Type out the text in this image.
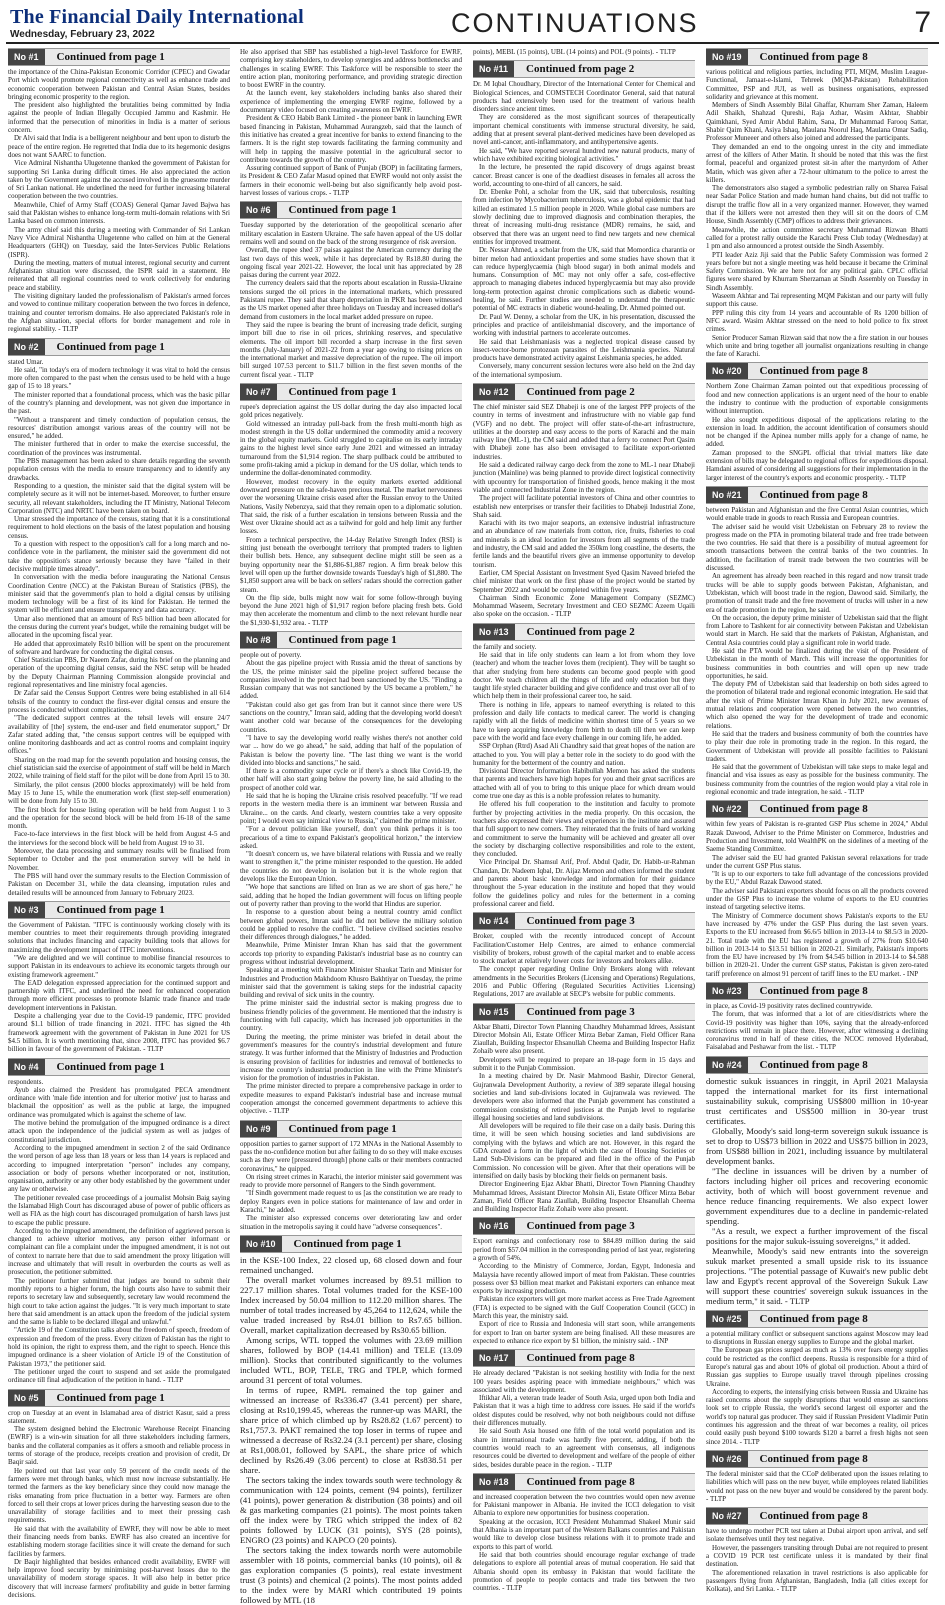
The Financial Daily International
Wednesday, February 23, 2022	CONTINUATIONS	7
No #1	Continued from page 1

the importance of the China-Pakistan Economic Corridor (CPEC) and Gwadar Port which would promote regional connectivity as well as enhance trade and economic cooperation between Pakistan and Central Asian States, besides bringing economic prosperity to the region.

The president also highlighted the brutalities being committed by India against the people of Indian Illegally Occupied Jammu and Kashmir. He informed that the persecution of minorities in India is a matter of serious concern.

Dr Alvi said that India is a belligerent neighbour and bent upon to disturb the peace of the entire region. He regretted that India due to its hegemonic designs does not want SAARC to function.

Vice Admiral Nishantha Ulugetenne thanked the government of Pakistan for supporting Sri Lanka during difficult times. He also appreciated the action taken by the Government against the accused involved in the gruesome murder of Sri Lankan national. He underlined the need for further increasing bilateral cooperation between the two countries.

Meanwhile, Chief of Army Staff (COAS) General Qamar Javed Bajwa has said that Pakistan wishes to enhance long-term multi-domain relations with Sri Lanka based on common interests.

The army chief said this during a meeting with Commander of Sri Lankan Navy Vice Admiral Nishantha Ulugetenne who called on him at the General Headquarters (GHQ) on Tuesday, said the Inter-Services Public Relations (ISPR).

During the meeting, matters of mutual interest, regional security and current Afghanistan situation were discussed, the ISPR said in a statement. He reiterated that all regional countries need to work collectively for enduring peace and stability.

The visiting dignitary lauded the professionalism of Pakistan's armed forces and vowed to continue military cooperation between the two forces in defence, training and counter terrorism domains. He also appreciated Pakistan's role in the Afghan situation, special efforts for border management and role in regional stability. - TLTP

No #2	Continued from page 1

stated Umar.

He said, "in today's era of modern technology it was vital to hold the census more often compared to the past when the census used to be held with a huge gap of 15 to 18 years."

The minister reported that a foundational process, which was the basic pillar of the country's planning and development, was not given due importance in the past.

"Without a transparent and timely conduction of population census, the resources' distribution amongst various areas of the country will not be ensured," he added.

The minister furthered that in order to make the exercise successful, the coordination of the provinces was instrumental.

The PBS management has been asked to share details regarding the seventh population census with the media to ensure transparency and to identify any drawbacks.

Responding to a question, the minister said that the digital system will be completely secure as it will not be internet-based. Moreover, to further ensure security, all relevant stakeholders, including the IT Ministry, National Telecom Corporation (NTC) and NRTC have been taken on board.

Umar stressed the importance of the census, stating that it is a constitutional requirement to hold elections on the basis of the latest population and housing census.

To a question with respect to the opposition's call for a long march and no-confidence vote in the parliament, the minister said the government did not take the opposition's stance seriously because they have "failed in their decisive multiple times already".

In conversation with the media before inaugurating the National Census Coordination Centre (NCC) at the Pakistan Bureau of Statistics (PBS), the minister said that the government's plan to hold a digital census by utilising modern technology will be a first of its kind for Pakistan. He termed the system will be efficient and ensure transparency and data accuracy.

Umar also mentioned that an amount of Rs5 billion had been allocated for the census during the current year's budget, while the remaining budget will be allocated in the upcoming fiscal year.

He added that approximately Rs10 billion will be spent on the procurement of software and hardware for conducting the digital census.

Chief Statistician PBS, Dr Naeem Zafar, during his brief on the planning and operation of the upcoming digital census, said the NSC setup will be headed by the Deputy Chairman Planning Commission alongside provincial and regional representatives and line ministry focal agencies.

Dr Zafar said the Census Support Centres were being established in all 614 tehsils of the country to conduct the first-ever digital census and ensure the process is conducted without complications.

"The dedicated support centres at the tehsil levels will ensure 24/7 availability of [the] system, the end-user and field enumerator support," Dr Zafar stated adding that, "the census support centres will be equipped with online monitoring dashboards and act as control rooms and complaint inquiry offices."

Sharing on the road map for the seventh population and housing census, the chief statistician said the exercise of appointment of staff will be held in March 2022, while training of field staff for the pilot will be done from April 15 to 30.

Similarly, the pilot census (2000 blocks approximately) will be held from May 15 to June 15, while the enumeration work (first step-self enumeration) will be done from July 15 to 30.

The first block for house listing operation will be held from August 1 to 3 and the operation for the second block will be held from 16-18 of the same month.

Face-to-face interviews in the first block will be held from August 4-5 and the interviews for the second block will be held from August 19 to 31.

Moreover, the data processing and summary results will be finalised from September to October and the post enumeration survey will be held in November.

The PBS will hand over the summary results to the Election Commission of Pakistan on December 31, while the data cleansing, imputation rules and detailed results will be announced from January to February 2023.

No #3	Continued from page 1

the Government of Pakistan. "ITFC is continuously working closely with its member countries to meet their requirements through providing integrated solutions that includes financing and capacity building tools that allows for maximizing the development impact of ITFC interventions.

"We are delighted and we will continue to mobilise financial resources to support Pakistan in its endeavours to achieve its economic targets through our existing framework agreement."

The EAD delegation expressed appreciation for the continued support and partnership with ITFC, and underlined the need for enhanced cooperation through more efficient processes to promote Islamic trade finance and trade development interventions in Pakistan.

Despite a challenging year due to the Covid-19 pandemic, ITFC provided around $1.1 billion of trade financing in 2021. ITFC has signed the 4th framework agreement with the government of Pakistan in June 2021 for US $4.5 billion. It is worth mentioning that, since 2008, ITFC has provided $6.7 billion in favour of the government of Pakistan. - TLTP

No #4	Continued from page 1

respondents.

Ayub also claimed the President has promulgated PECA amendment ordinance with 'male fide intention and for ulterior motive' just to harass and blackmail the opposition' as well as the public at large, the impugned ordinance was promulgated which is against the scheme of law.

The motive behind the promulgation of the impugned ordinance is a direct attack upon the independence of the judicial system as well as judges of constitutional jurisdiction.

According to the impugned amendment in section 2 of the said Ordinance the word person of age less than 18 years or less than 14 years is replaced and according to impugned interpretation "person" includes any company, association or body of persons whether incorporated or not, institution, organisation, authority or any other body established by the government under any law or otherwise.

The petitioner revealed case proceedings of a journalist Mohsin Baig saying the Islamabad High Court has discouraged abuse of power of public officers as well as FIA as the high court has discouraged promulgation of harsh laws just to escape the public pressure.

According to the impugned amendment, the definition of aggrieved person is changed to achieve ulterior motives, any person either informant or complainant can file a complaint under the impugned amendment, it is not out of context to narrate here that due to said amendment the proxy litigation will increase and ultimately that will result in overburden the courts as well as prosecution, the petitioner submitted.

The petitioner further submitted that judges are bound to submit their monthly reports to a higher forum, the high courts also have to submit their reports to secretary law and subsequently, secretary law would recommend the high court to take action against the judges. "It is very much important to state here that said amendment is an attack upon the freedom of the judicial system and the same is liable to be declared illegal and unlawful."

"Article 19 of the Constitution talks about the freedom of speech, freedom of expression and freedom of the press. Every citizen of Pakistan has the right to hold its opinion, the right to express them, and the right to speech. Hence this impugned ordinance is a sheer violation of Article 19 of the Constitution of Pakistan 1973," the petitioner said.

The petitioner urged the court to suspend and set aside the promulgated ordinance till final adjudication of the petition in hand. - TLTP

No #5	Continued from page 1

crop on Tuesday at an event in Islamabad area of district Kasur, said a press statement.

The system designed behind the Electronic Warehouse Receipt Financing (EWRF) is a win-win situation for all three stakeholders including farmers, banks and the collateral companies as it offers a smooth and reliable process in terms of storage of the produce, receipts creation and provision of credit, Dr Baqir said.

He pointed out that last year only 59 percent of the credit needs of the farmers were met through banks, which must now increase substantially. He termed the farmers as the key beneficiary since they could now manage the risks emanating from price fluctuation in a better way. Farmers are often forced to sell their crops at lower prices during the harvesting season due to the unavailability of storage facilities and to meet their pressing cash requirements.

He said that with the availability of EWRF, they will now be able to meet their financing needs from banks. EWRF has also created an incentive for establishing modern storage facilities since it will create the demand for such facilities by farmers.

Dr Baqir highlighted that besides enhanced credit availability, EWRF will help improve food security by minimising post-harvest losses due to the unavailability of modern storage spaces. It will also help in better price discovery that will increase farmers' profitability and guide in better farming decisions.

He also apprised that SBP has established a high-level Taskforce for EWRF, comprising key stakeholders, to develop synergies and address bottlenecks and challenges in scaling EWRF. This Taskforce will be responsible to steer the entire action plan, monitoring performance, and providing strategic direction to boost EWRF in the country.

At the launch event, key stakeholders including banks also shared their experience of implementing the emerging EWRF regime, followed by a documentary video focused on creating awareness on EWRF.

President & CEO Habib Bank Limited - the pioneer bank in launching EWR based financing in Pakistan, Muhammad Aurangzeb, said that the launch of this initiative has created a great incentive for banks to extend financing to the farmers. It is the right step towards facilitating the farming community and will help in tapping the massive potential in the agricultural sector to contribute towards the growth of the country.

Assuring continued support of Bank of Punjab (BOP) in facilitating farmers, its President & CEO Zafar Masud opined that EWRF would not only assist the farmers in their economic well-being but also significantly help avoid post-harvest losses of various crops. - TLTP

No #6	Continued from page 1

Tuesday supported by the deterioration of the geopolitical scenario after military escalation in Eastern Ukraine. The safe haven appeal of the US dollar remains well and sound on the back of the strong resurgence of risk aversion.

Overall, the rupee shed 37 paisas against the American currency during the last two days of this week, while it has depreciated by Rs18.80 during the ongoing fiscal year 2021-22. However, the local unit has appreciated by 28 paisas during the current year 2022.

The currency dealers said that the reports about escalation in Russia-Ukraine tensions surged the oil prices in the international markets, which pressured Pakistani rupee. They said that sharp depreciation in PKR has been witnessed as the US market opened after three holidays on Tuesday and increased dollar's demand from customers in the local market added pressure on rupee.

They said the rupee is bearing the brunt of increasing trade deficit, surging import bill due to rise in oil prices, shrinking reserves, and speculative elements. The oil import bill recorded a sharp increase in the first seven months (July-January) of 2021-22 from a year ago owing to rising prices on the international market and massive depreciation of the rupee. The oil import bill surged 107.53 percent to $11.7 billion in the first seven months of the current fiscal year. - TLTP

No #7	Continued from page 1

rupee's depreciation against the US dollar during the day also impacted local gold prices negatively.

Gold witnessed an intraday pull-back from the fresh multi-month high as modest strength in the US dollar undermined the commodity amid a recovery in the global equity markets. Gold struggled to capitalise on its early intraday gains to the highest level since early June 2021 and witnessed an intraday turnaround from the $1,914 region. The sharp pullback could be attributed to some profit-taking amid a pickup in demand for the US dollar, which tends to undermine the dollar-denominated commodity.

However, modest recovery in the equity markets exerted additional downward pressure on the safe-haven precious metal. The market nervousness over the worsening Ukraine crisis eased after the Russian envoy to the United Nations, Vasily Nebenzya, said that they remain open to a diplomatic solution. That said, the risk of a further escalation in tensions between Russia and the West over Ukraine should act as a tailwind for gold and help limit any further losses.

From a technical perspective, the 14-day Relative Strength Index (RSI) is sitting just beneath the overbought territory that prompted traders to lighten their bullish bets. Hence, any subsequent decline might still be seen as a buying opportunity near the $1,886-$1,887 region. A firm break below this level will open up the further downside towards Tuesday's high of $1,880. The $1,850 support area will be back on sellers' radars should the correction gather steam.

On the flip side, bulls might now wait for some follow-through buying beyond the June 2021 high of $1,917 region before placing fresh bets. Gold may then accelerate the momentum and climb to the next relevant hurdle near the $1,930-$1,932 area. - TLTP

No #8	Continued from page 1

people out of poverty.

About the gas pipeline project with Russia amid the threat of sanctions by the US, the prime minister said the pipeline project suffered because the companies involved in the project had been sanctioned by the US. "Finding a Russian company that was not sanctioned by the US became a problem," he added.

"Pakistan could also get gas from Iran but it cannot since there were US sanctions on the country," Imran said, adding that the developing world doesn't want another cold war because of the consequences for the developing countries.

"I have to say the developing world really wishes there's not another cold war ... how do we go ahead," he said, adding that half of the population of Pakistan is below the poverty line. "The last thing we want is the world divided into blocks and sanctions," he said.

If there is a commodity super cycle or if there's a shock like Covid-19, the other half will also start going below the poverty line, he said alluding to the prospect of another cold war.

He said that he is hoping the Ukraine crisis resolved peacefully. "If we read reports in the western media there is an imminent war between Russia and Ukraine... on the cards. And clearly, western countries take a very opposite point; I would even say inimical view to Russia," claimed the prime minister.

"For a devout politician like yourself, don't you think perhaps it is too precarious of a time to expand Pakistan's geopolitical horizon," the interview asked.

"It doesn't concern us, we have bilateral relations with Russia and we really want to strengthen it," the prime minister responded to the question. He added the countries do not develop in isolation but it is the whole region that develops like the European Union.

"We hope that sanctions are lifted on Iran as we are short of gas here," he said, adding that he hoped the Indian government will focus on lifting people out of poverty rather than proving to the world that Hindus are superior.

In response to a question about being a neutral country amid conflict between global powers, Imran said he did not believe the military solution could be applied to resolve the conflict. "I believe civilised societies resolve their differences through dialogues," he added.

Meanwhile, Prime Minister Imran Khan has said that the government accords top priority to expanding Pakistan's industrial base as no country can progress without industrial development.

Speaking at a meeting with Finance Minister Shaukat Tarin and Minister for Industries and Production Makhdoom Khusro Bakhtiyar on Tuesday, the prime minister said that the government is taking steps for the industrial capacity building and revival of sick units in the country.

The prime minister said the industrial sector is making progress due to business friendly policies of the government. He mentioned that the industry is functioning with full capacity, which has increased job opportunities in the country.

During the meeting, the prime minister was briefed in detail about the government's measures for the country's industrial development and future strategy. It was further informed that the Ministry of Industries and Production is ensuring provision of facilities for industries and removal of bottlenecks to increase the country's industrial production in line with the Prime Minister's vision for the promotion of industries in Pakistan.

The prime minister directed to prepare a comprehensive package in order to expedite measures to expand Pakistan's industrial base and increase mutual cooperation amongst the concerned government departments to achieve this objective. - TLTP

No #9	Continued from page 1

opposition parties to garner support of 172 MNAs in the National Assembly to pass the no-confidence motion but after failing to do so they will make excuses such as they were [pressured through] phone calls or their members contracted coronavirus," he quipped.

On rising street crimes in Karachi, the interior minister said government was ready to provide more personnel of Rangers to the Sindh government.

"If Sindh government made request to us [as the constitution we are ready to deploy Rangers even in police stations for maintenance of law and order in Karachi," he added.

The minister also expressed concerns over deteriorating law and order situation in the metropolis saying it could have "adverse consequences".

No #10	Continued from page 1

in the KSE-100 Index, 22 closed up, 68 closed down and four remained unchanged.

The overall market volumes increased by 89.51 million to 227.17 million shares. Total volumes traded for the KSE-100 Index increased by 50.04 million to 112.20 million shares. The number of total trades increased by 45,264 to 112,624, while the value traded increased by Rs4.01 billion to Rs7.65 billion. Overall, market capitalization decreased by Rs30.65 billion.

Among scrips, WTL topped the volumes with 23.69 million shares, followed by BOP (14.41 million) and TELE (13.09 million). Stocks that contributed significantly to the volumes included WTL, BOP, TELE, TRG and TPLP, which formed around 31 percent of total volumes.

In terms of rupee, RMPL remained the top gainer and witnessed an increase of Rs336.47 (3.41 percent) per share, closing at Rs10,199.45, whereas the runner-up was MARI, the share price of which climbed up by Rs28.82 (1.67 percent) to Rs1,757.3. PAKT remained the top loser in terms of rupee and witnessed a decrease of Rs32.24 (3.1 percent) per share, closing at Rs1,008.01, followed by SAPL, the share price of which declined by Rs26.49 (3.06 percent) to close at Rs838.51 per share.

The sectors taking the index towards south were technology & communication with 124 points, cement (94 points), fertilizer (41 points), power generation & distribution (38 points) and oil & gas marketing companies (21 points). The most points taken off the index were by TRG which stripped the index of 82 points followed by LUCK (31 points), SYS (28 points), ENGRO (23 points) and KAPCO (20 points).

The sectors taking the index towards north were automobile assembler with 18 points, commercial banks (10 points), oil & gas exploration companies (5 points), real estate investment trust (3 points) and chemical (2 points). The most points added to the index were by MARI which contributed 19 points followed by MTL (18

points), MEBL (15 points), UBL (14 points) and POL (9 points). - TLTP

No #11	Continued from page 2

Dr. M Iqbal Choudhary, Director of the International Center for Chemical and Biological Sciences, and COMSTECH Coordinator General, said that natural products had extensively been used for the treatment of various health disorders since ancient times.

They are considered as the most significant sources of therapeutically important chemical constituents with immense structural diversity, he said, adding that at present several plant-derived medicines have been developed as novel anti-cancer, anti-inflammatory, and antihypertensive agents.

He said, "We have reported several hundred new natural products, many of which have exhibited exciting biological activities."

In the lecture, he presented the rapid discovery of drugs against breast cancer. Breast cancer is one of the deadliest diseases in females all across the world, accounting to one-third of all cancers, he said.

Dr. Ebenke Pohl, a scholar from the UK, said that tuberculosis, resulting from infection by Mycobacterium tuberculosis, was a global epidemic that had killed an estimated 1.5 million people in 2020. While global case numbers are slowly declining due to improved diagnosis and combination therapies, the threat of increasing multi-drug resistance (MDR) remains, he said, and observed that there was an urgent need to find new targets and new chemical entities for improved treatment.

Dr. Nessar Ahmed, a scholar from the UK, said that Momordica charantia or bitter melon had antioxidant properties and some studies have shown that it can reduce hyperglycaemia (high blood sugar) in both animal models and humans. Consumption of MC may not only offer a safe, cost-effective approach to managing diabetes induced hyperglycaemia but may also provide long-term protection against chronic complications such as diabetic wound-healing, he said. Further studies are needed to understand the therapeutic potential of MC extracts in diabetic wound-healing, Dr. Ahmed pointed out.

Dr. Paul W. Denny, a scholar from the UK, in his presentation, discussed the principles and practice of antileishmanial discovery, and the importance of working with industrial partners to accelerate outcomes.

He said that Leishmaniasis was a neglected tropical disease caused by insect-vector-borne protozoan parasites of the Leishmania species. Natural products have demonstrated activity against Leishmania species, he added.

Conversely, many concurrent session lectures were also held on the 2nd day of the international symposium.

No #12	Continued from page 2

The chief minister said SEZ Dhabeji is one of the largest PPP projects of the country in terms of investment and infrastructure with no viable gap fund (VGF) and no debt. The project will offer state-of-the-art infrastructure, utilities at the doorstep and easy access to the ports of Karachi and the main railway line (ML-1), the CM said and added that a ferry to connect Port Qasim with Dhabeji zone has also been envisaged to facilitate export-oriented industries.

He said a dedicated railway cargo deck from the zone to ML-1 near Dhabeji junction (Mainline) was being planned to provide direct logistical connectivity with upcountry for transportation of finished goods, hence making it the most viable and connected Industrial Zone in the region.

The project will facilitate potential investors of China and other countries to establish new enterprises or transfer their facilities to Dhabeji Industrial Zone, Shah said.

Karachi with its two major seaports, an extensive industrial infrastructure and an abundance of raw materials from cotton, rice, fruits, fisheries to coal and minerals is an ideal location for investors from all segments of the trade and industry, the CM said and added the 350km long coastline, the deserts, the fertile lands and the beautiful rivers give an immense opportunity to develop tourism.

Earlier, CM Special Assistant on Investment Syed Qasim Naveed briefed the chief minister that work on the first phase of the project would be started by September 2022 and would be completed within five years.

Chairman Sindh Economic Zone Management Company (SEZMC) Mohammad Waseem, Secretary Investment and CEO SEZMC Azeem Uqaili also spoke on the occasion. - TLTP

No #13	Continued from page 2

the family and society.

He said that in life only students can learn a lot from whom they love (teacher) and whom the teacher loves them (recipient). They will be taught so that after studying from here students can become good people with good doctor. We teach children all the things of life and only education but they taught life styled character building and give confidence and trust over all of to which help them in their professional career too, he said.

There is nothing in life, appears to nameof everything is related to this profession and daily life contacts to medical career. The world is changing rapidly with all the fields of medicine within shortest time of 5 years so we have to keep acquiring knowledge from birth to death till then we can keep pace with the world and face every challenge in our coming life, he added.

SSP Orphan (Rtrd) Asad Ali Chaudhry said that great hopes of the nation are attached to you. You will play a better role in the society to do good with the humanity for the betterment of the country and nation.

Divisional Director Information Habibullah Memon has asked the students that parents and teachers have high hopes for you and their great sacrifices are attached with all of you to bring to this unique place for which dream would come true one day as this is a noble profession relates to humanity.

He offered his full cooperation to the institution and faculty to promote further by projecting activities in the media properly. On this occasion, the teachers also expressed their views and experiences in the institute and assured that full support to new comers. They reiterated that the fruits of hard working and commitment to serve the humanity will be achieved and greater all over the society by discharging collective responsibilities and role to the extent, they concluded.

Vice Principal Dr. Shamsul Arif, Prof. Abdul Qadir, Dr. Habib-ur-Rahman Chandan, Dr. Nadeem Iqbal, Dr. Aijaz Memon and others informed the student and parents about basic knowledge and information for their guidance throughout the 5-year education in the institute and hoped that they would follow the guidelines policy and rules for the betterment in a coming professional career and field.

No #14	Continued from page 3

Broker, coupled with the recently introduced concept of Account Facilitation/Customer Help Centres, are aimed to enhance commercial visibility of brokers, robust growth of the capital market and to enable access to stock market at relatively lower costs for investors and brokers alike.

The concept paper regarding Online Only Brokers along with relevant amendments in the Securities Brokers (Licensing and Operations) Regulations, 2016 and Public Offering (Regulated Securities Activities Licensing) Regulations, 2017 are available at SECP's website for public comments.

No #15	Continued from page 3

Akbar Bhatti, Director Town Planning Chaudhry Muhammad Idrees, Assistant Director Mohsin Ali, Estate Officer Mirza Bebar Zaman, Field Officer Rana Ziaullah, Building Inspector Ehsanullah Cheema and Building Inspector Hafiz Zohaib were also present.

Developers will be required to prepare an 18-page form in 15 days and submit it to the Punjab Commission.

In a meeting chaired by Dr. Nasir Mahmood Bashir, Director General, Gujranwala Development Authority, a review of 389 separate illegal housing societies and land sub-divisions located in Gujranwala was reviewed. The developers were also informed that the Punjab government has constituted a commission consisting of retired justices at the Punjab level to regularise illegal housing societies and land subdivisions.

All developers will be required to file their case on a daily basis. During this time, it will be seen which housing societies and land subdivisions are complying with the bylaws and which are not. However, in this regard the GDA created a form in the light of which the case of Housing Societies or Land Sub-Divisions can be prepared and filed in the office of the Punjab Commission. No concession will be given. After that their operations will be intensified on daily basis by blocking their fields on permanent basis.

Director Engineering Ejaz Akbar Bhatti, Director Town Planning Chaudhry Muhammad Idrees, Assistant Director Mohsin Ali, Estate Officer Mirza Bebar Zaman, Field Officer Rana Ziaullah, Building Inspector Ehsanullah Cheema and Building Inspector Hafiz Zohaib were also present.

No #16	Continued from page 3

Export earnings and confectionary rose to $84.89 million during the said period from $57.04 million in the corresponding period of last year, registering a growth of 54%.

According to the Ministry of Commerce, Jordan, Egypt, Indonesia and Malaysia have recently allowed import of meat from Pakistan. These countries possess over $3 billion meat market and Pakistani exporters can enhance meat exports by increasing production.

Pakistan rice exporters will get more market access as Free Trade Agreement (FTA) is expected to be signed with the Gulf Cooperation Council (GCC) in March this year, the ministry said.

Export of rice to Russia and Indonesia will start soon, while arrangements for export to Iran on barter system are being finalised. All these measures are expected to enhance rice export by $1 billion, the ministry said. - INP

No #17	Continued from page 8

He already declared "Pakistan is not seeking hostility with India for the next 100 years besides aspiring peace with immediate neighbours," which was associated with the development.

Iftikhar Ali, a veteran trade leader of South Asia, urged upon both India and Pakistan that it was a high time to address core issues. He said if the world's oldest disputes could be resolved, why not both neighbours could not diffuse their differences mutually.

He said South Asia housed one fifth of the total world population and its share in international trade was hardly five percent, adding, if both the countries would reach to an agreement with consensus, all indigenous resources could be diverted to development and welfare of the people of either sides, besides durable peace in the region. - TLTP

No #18	Continued from page 8

and increased cooperation between the two countries would open new avenue for Pakistani manpower in Albania. He invited the ICCI delegation to visit Albania to explore new opportunities for business cooperation.

Speaking at the occasion, ICCI President Muhammad Shakeel Munir said that Albania is an important part of the Western Balkans countries and Pakistan would like to develop close business relations with it to promote trade and exports to this part of world.

He said that both countries should encourage regular exchange of trade delegations to explore all potential areas of mutual cooperation. He said that Albania should open its embassy in Pakistan that would facilitate the promotion of people to people contacts and trade ties between the two countries. - TLTP

No #19	Continued from page 8

various political and religious parties, including PTI, MQM, Muslim League-Functional, Jamaat-e-Islami, Tehreek (MQM-Pakistan) Rehabilitation Committee, PSP and JUI, as well as business organisations, expressed solidarity and grievance at this moment.

Members of Sindh Assembly Bilal Ghaffar, Khurram Sher Zaman, Haleem Adil Shaikh, Shahzad Qureshi, Raja Azhar, Wasim Akhtar, Shabbir Qaimkhani, Syed Amir Abdul Rahim, Sana, Dr Muhammad Farooq Sattar, Shabir Qaim Khani, Asiya Ishaq, Maulana Noorul Haq, Maulana Omar Sadiq, Professor Muneeer and others also joined and addressed the participants.

They demanded an end to the ongoing unrest in the city and immediate arrest of the killers of Ather Matin. It should be noted that this was the first formal, peaceful and organized protest sit-in after the martyrdom of Ather Matin, which was given after a 72-hour ultimatum to the police to arrest the killers.

The demonstrators also staged a symbolic pedestrian rally on Sharea Faisal near Sadar Police Station and made human hand chains, but did not traffic to disrupt the traffic flow all in a very organized manner. However, they warned that if the killers were not arrested then they will sit on the doors of C.M House, Sindh Assembly (CMP) offices to address their grievances.

Meanwhile, the action committee secretary Muhammad Rizwan Bhatti called for a protest rally outside the Karachi Press Club today (Wednesday) at 1 pm and also announced a protest outside the Sindh Assembly.

PTI leader Aziz Jiji said that the Public Safety Commission was formed 2 years before but not a single meeting was held because it became the Criminal Safety Commission. We are here not for any political gain. CPLC official figures were shared by Khurram Sherzaman at Sindh Assembly on Tuesday in Sindh Assembly.

Waseem Akhtar and Tai representing MQM Pakistan and our party will fully support this cause.

PPP ruling this city from 14 years and accountable of Rs 1200 billion of NFC award. Wasim Akhtar stressed on the need to hold police to fix street crimes.

Senior Producer Saman Rizwan said that now the a fire station in our houses which unite and bring together all journalist organizations resulting in change the fate of Karachi.

No #20	Continued from page 8

Northern Zone Chairman Zaman pointed out that expeditious processing of food and new connection applications is an urgent need of the hour to enable the industry to continue with the production of exportable consignments without interruption.

He also sought expeditious disposal of the applications relating to the extension in load. In addition, the account identification of consumers should not be changed if the Apinea number mills apply for a change of name, he added.

Zaman proposed to the SNGPL official that trivial matters like date extension of bills may be delegated to regional offices for expeditious disposal. Hamdani assured of considering all suggestions for their implementation in the larger interest of the country's exports and economic prosperity. - TLTP

No #21	Continued from page 8

between Pakistan and Afghanistan and the five Central Asian countries, which would enable trade in goods to reach Russia and European countries.

The adviser said he would visit Uzbekistan on February 28 to review the progress made on the PTA in promoting bilateral trade and free trade between the two countries. He said that there is a possibility of mutual agreement for smooth transactions between the central banks of the two countries. In addition, the facilitation of transit trade between the two countries will be discussed.

An agreement has already been reached in this regard and now transit trade trucks will be able to supply goods between Pakistan, Afghanistan, and Uzbekistan, which will boost trade in the region, Dawood said. Similarly, the promotion of transit trade and the free movement of trucks will usher in a new era of trade promotion in the region, he said.

On the occasion, the deputy prime minister of Uzbekistan said that the flight from Lahore to Tashkent for air connectivity between Pakistan and Uzbekistan would start in March. He said that the markets of Pakistan, Afghanistan, and Central Asia countries could play a significant role in world trade.

He said the PTA would be finalized during the visit of the President of Uzbekistan in the month of March. This will increase the opportunities for business communities in both countries and will open up new trade opportunities, he said.

The deputy PM of Uzbekistan said that leadership on both sides agreed to the promotion of bilateral trade and regional economic integration. He said that after the visit of Prime Minister Imran Khan in July 2021, new avenues of mutual relations and cooperation were opened between the two countries, which also opened the way for the development of trade and economic relations.

He said that the traders and business community of both the countries have to play their due role in promoting trade in the region. In this regard, the Government of Uzbekistan will provide all possible facilities to Pakistani traders.

He said that the government of Uzbekistan will take steps to make legal and financial and visa issues as easy as possible for the business community. The business community from the countries of the region would play a vital role in regional economic and trade integration, he said. - TLTP

No #22	Continued from page 8

within few years of Pakistan is re-granted GSP Plus scheme in 2024," Abdul Razak Dawood, Adviser to the Prime Minister on Commerce, Industries and Production and Investment, told WealthPK on the sidelines of a meeting of the Saeme Standing Committee.

The adviser said the EU had granted Pakistan several relaxations for trade under the current GSP Plus status.

"It is up to our exporters to take full advantage of the concessions provided by the EU," Abdul Razak Dawood stated.

The adviser said Pakistani exporters should focus on all the products covered under the GSP Plus to increase the volume of exports to the EU countries instead of targeting selective items.

The Ministry of Commerce document shows Pakistan's exports to the EU have increased by 47% under the GSP Plus during the last seven years. Exports to the EU increased from $6.6/5 billion in 2013-14 to $8.5/3 in 2020-21. Total trade with the EU has registered a growth of 27% from $10.640 billion in 2013-14 to $13.51 billion in 2020-21. Similarly, Pakistan's imports from the EU have increased by 1% from $4.545 billion in 2013-14 to $4.588 billion in 2020-21. Under the current GSP status, Pakistan is given zero-rated tariff preference on almost 91 percent of tariff lines to the EU market. - INP

No #23	Continued from page 8

in place, as Covid-19 positivity rates declined countrywide.

The forum, that was informed that a lot of are cities/districts where the Covid-19 positivity was higher than 10%, saying that the already-enforced restrictions will remain in place there. However, after witnessing a declining coronavirus trend in half of these cities, the NCOC removed Hyderabad, Faisalabad and Peshawar from the list. - TLTP

No #24	Continued from page 8

domestic sukuk issuances in ringgit, in April 2021 Malaysia tapped the international market for its first international sustainability sukuk, comprising US$800 million in 10-year trust certificates and US$500 million in 30-year trust certificates.

Globally, Moody's said long-term sovereign sukuk issuance is set to drop to US$73 billion in 2022 and US$75 billion in 2023, from US$88 billion in 2021, including issuance by multilateral development banks.

"The decline in issuances will be driven by a number of factors including higher oil prices and recovering economic activity, both of which will boost government revenue and hence reduce financing requirements. We also expect lower government expenditures due to a decline in pandemic-related spending.

"As a result, we expect a further improvement of the fiscal positions for the major sukuk-issuing sovereigns," it added.

Meanwhile, Moody's said new entrants into the sovereign sukuk market presented a small upside risk to its issuance projections. "The potential passage of Kuwait's new public debt law and Egypt's recent approval of the Sovereign Sukuk Law will support these countries' sovereign sukuk issuances in the medium term," it said. - TLTP

No #25	Continued from page 8

a potential military conflict or subsequent sanctions against Moscow may lead to disruptions in Russian energy supplies to Europe and the global market.

The European gas prices surged as much as 13% over fears energy supplies could be restricted as the conflict deepens. Russia is responsible for a third of Europe's natural gas and about 10% of global oil production. About a third of Russian gas supplies to Europe usually travel through pipelines crossing Ukraine.

According to experts, the intensifying crisis between Russia and Ukraine has raised concerns about the supply disruptions that would ensue as sanctions look set to cripple Russia, the world's second largest oil exporter and the world's top natural gas producer. They said if Russian President Vladimir Putin continues his aggression and the threat of war becomes a reality, oil prices could easily push beyond $100 towards $120 a barrel a fresh highs not seen since 2014. - TLTP

No #26	Continued from page 8

The federal minister said that the CCoP deliberated upon the issues relating to liabilities which will pass on the new buyer, while employees related liabilities would not pass on the new buyer and would be considered by the parent body. - TLTP

No #27	Continued from page 8

have to undergo mother PCR test taken at Dubai airport upon arrival, and self isolate themselves until they test negative.

However, the passengers transiting through Dubai are not required to present a COVID 19 PCR test certificate unless it is mandated by their final destination.

The aforementioned relaxation in travel restrictions is also applicable for passengers flying from Afghanistan, Bangladesh, India (all cities except for Kolkata), and Sri Lanka. - TLTP
